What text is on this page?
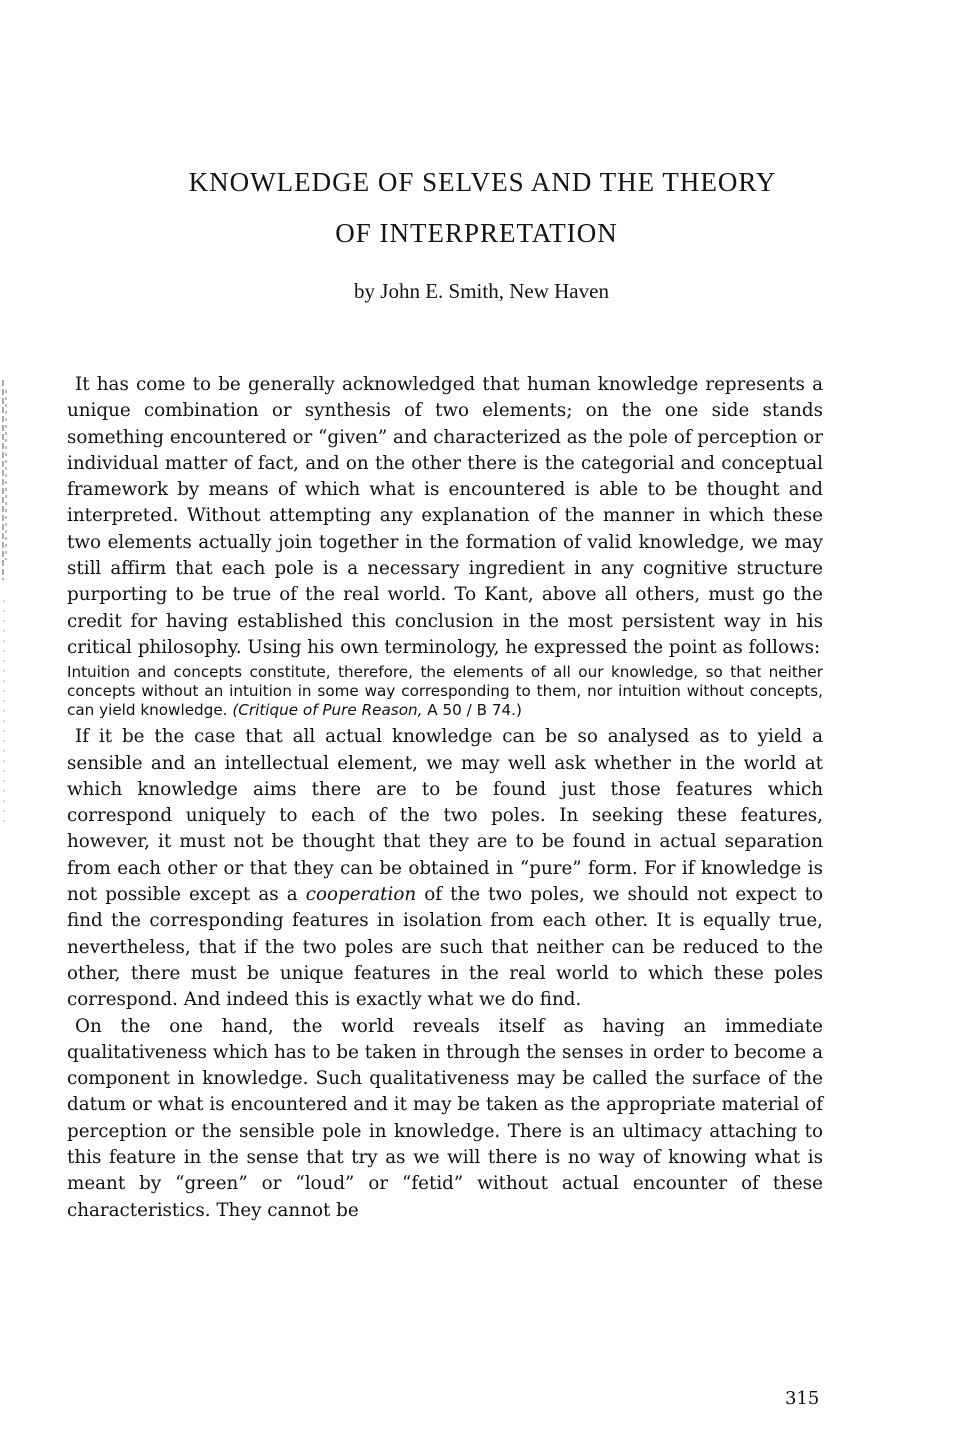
KNOWLEDGE OF SELVES AND THE THEORY
OF INTERPRETATION
by John E. Smith, New Haven

It has come to be generally acknowledged that human knowledge represents a unique combination or synthesis of two elements; on the one side stands something encountered or “given” and characterized as the pole of perception or individual matter of fact, and on the other there is the categorial and conceptual framework by means of which what is encountered is able to be thought and interpreted. Without attempting any explanation of the manner in which these two elements actually join together in the formation of valid knowledge, we may still affirm that each pole is a necessary ingredient in any cognitive structure purporting to be true of the real world. To Kant, above all others, must go the credit for having established this conclusion in the most persistent way in his critical philosophy. Using his own terminology, he expressed the point as follows:

Intuition and concepts constitute, therefore, the elements of all our knowledge, so that neither concepts without an intuition in some way corresponding to them, nor intuition without concepts, can yield knowledge. (Critique of Pure Reason, A 50 / B 74.)

If it be the case that all actual knowledge can be so analysed as to yield a sensible and an intellectual element, we may well ask whether in the world at which knowledge aims there are to be found just those features which correspond uniquely to each of the two poles. In seeking these features, however, it must not be thought that they are to be found in actual separation from each other or that they can be obtained in “pure” form. For if knowledge is not possible except as a cooperation of the two poles, we should not expect to find the corresponding features in isolation from each other. It is equally true, nevertheless, that if the two poles are such that neither can be reduced to the other, there must be unique features in the real world to which these poles correspond. And indeed this is exactly what we do find.

On the one hand, the world reveals itself as having an immediate qualitativeness which has to be taken in through the senses in order to become a component in knowledge. Such qualitativeness may be called the surface of the datum or what is encountered and it may be taken as the appropriate material of perception or the sensible pole in knowledge. There is an ultimacy attaching to this feature in the sense that try as we will there is no way of knowing what is meant by “green” or “loud” or “fetid” without actual encounter of these characteristics. They cannot be

315
